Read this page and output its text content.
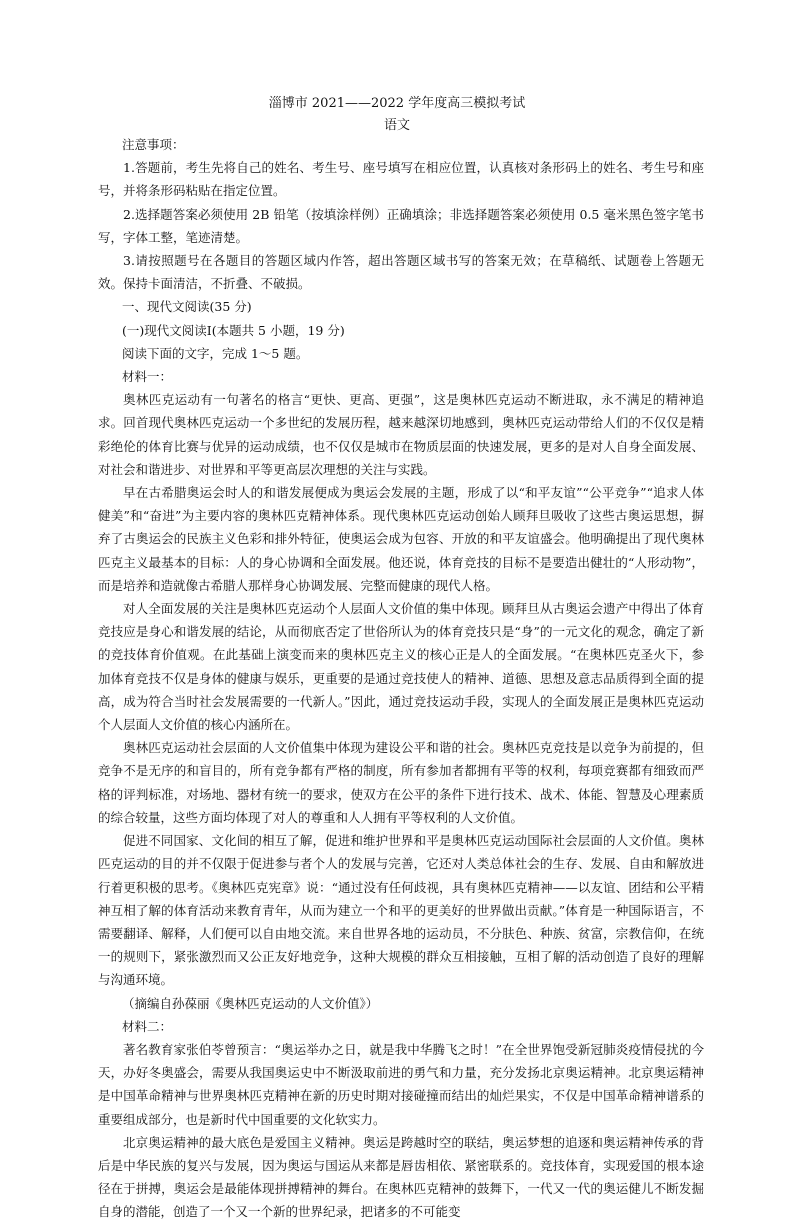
淄博市 2021——2022 学年度高三模拟考试
语文

注意事项：

1.答题前，考生先将自己的姓名、考生号、座号填写在相应位置，认真核对条形码上的姓名、考生号和座号，并将条形码粘贴在指定位置。

2.选择题答案必须使用 2B 铅笔（按填涂样例）正确填涂；非选择题答案必须使用 0.5 毫米黑色签字笔书写，字体工整，笔迹清楚。

3.请按照题号在各题目的答题区域内作答，超出答题区域书写的答案无效；在草稿纸、试题卷上答题无效。保持卡面清洁，不折叠、不破损。

一、现代文阅读(35 分)

(一)现代文阅读Ⅰ(本题共 5 小题，19 分)

阅读下面的文字，完成 1～5 题。

材料一：

奥林匹克运动有一句著名的格言“更快、更高、更强”，这是奥林匹克运动不断进取，永不满足的精神追求。回首现代奥林匹克运动一个多世纪的发展历程，越来越深切地感到，奥林匹克运动带给人们的不仅仅是精彩绝伦的体育比赛与优异的运动成绩，也不仅仅是城市在物质层面的快速发展，更多的是对人自身全面发展、对社会和谐进步、对世界和平等更高层次理想的关注与实践。

早在古希腊奥运会时人的和谐发展便成为奥运会发展的主题，形成了以“和平友谊”“公平竞争”“追求人体健美”和“奋进”为主要内容的奥林匹克精神体系。现代奥林匹克运动创始人顾拜旦吸收了这些古奥运思想，摒弃了古奥运会的民族主义色彩和排外特征，使奥运会成为包容、开放的和平友谊盛会。他明确提出了现代奥林匹克主义最基本的目标：人的身心协调和全面发展。他还说，体育竞技的目标不是要造出健壮的“人形动物”，而是培养和造就像古希腊人那样身心协调发展、完整而健康的现代人格。

对人全面发展的关注是奥林匹克运动个人层面人文价值的集中体现。顾拜旦从古奥运会遗产中得出了体育竞技应是身心和谐发展的结论，从而彻底否定了世俗所认为的体育竞技只是“身”的一元文化的观念，确定了新的竞技体育价值观。在此基础上演变而来的奥林匹克主义的核心正是人的全面发展。“在奥林匹克圣火下，参加体育竞技不仅是身体的健康与娱乐，更重要的是通过竞技使人的精神、道德、思想及意志品质得到全面的提高，成为符合当时社会发展需要的一代新人。”因此，通过竞技运动手段，实现人的全面发展正是奥林匹克运动个人层面人文价值的核心内涵所在。

奥林匹克运动社会层面的人文价值集中体现为建设公平和谐的社会。奥林匹克竞技是以竞争为前提的，但竞争不是无序的和盲目的，所有竞争都有严格的制度，所有参加者都拥有平等的权利，每项竞赛都有细致而严格的评判标准，对场地、器材有统一的要求，使双方在公平的条件下进行技术、战术、体能、智慧及心理素质的综合较量，这些方面均体现了对人的尊重和人人拥有平等权利的人文价值。

促进不同国家、文化间的相互了解，促进和维护世界和平是奥林匹克运动国际社会层面的人文价值。奥林匹克运动的目的并不仅限于促进参与者个人的发展与完善，它还对人类总体社会的生存、发展、自由和解放进行着更积极的思考。《奥林匹克宪章》说：“通过没有任何歧视，具有奥林匹克精神——以友谊、团结和公平精神互相了解的体育活动来教育青年，从而为建立一个和平的更美好的世界做出贡献。”体育是一种国际语言，不需要翻译、解释，人们便可以自由地交流。来自世界各地的运动员，不分肤色、种族、贫富，宗教信仰，在统一的规则下，紧张激烈而又公正友好地竞争，这种大规模的群众互相接触，互相了解的活动创造了良好的理解与沟通环境。

（摘编自孙葆丽《奥林匹克运动的人文价值》）

材料二：

著名教育家张伯苓曾预言：“奥运举办之日，就是我中华腾飞之时！”在全世界饱受新冠肺炎疫情侵扰的今天，办好冬奥盛会，需要从我国奥运史中不断汲取前进的勇气和力量，充分发扬北京奥运精神。北京奥运精神是中国革命精神与世界奥林匹克精神在新的历史时期对接碰撞而结出的灿烂果实，不仅是中国革命精神谱系的重要组成部分，也是新时代中国重要的文化软实力。

北京奥运精神的最大底色是爱国主义精神。奥运是跨越时空的联结，奥运梦想的追逐和奥运精神传承的背后是中华民族的复兴与发展，因为奥运与国运从来都是唇齿相依、紧密联系的。竞技体育，实现爱国的根本途径在于拼搏，奥运会是最能体现拼搏精神的舞台。在奥林匹克精神的鼓舞下，一代又一代的奥运健儿不断发掘自身的潜能，创造了一个又一个新的世界纪录，把诸多的不可能变
